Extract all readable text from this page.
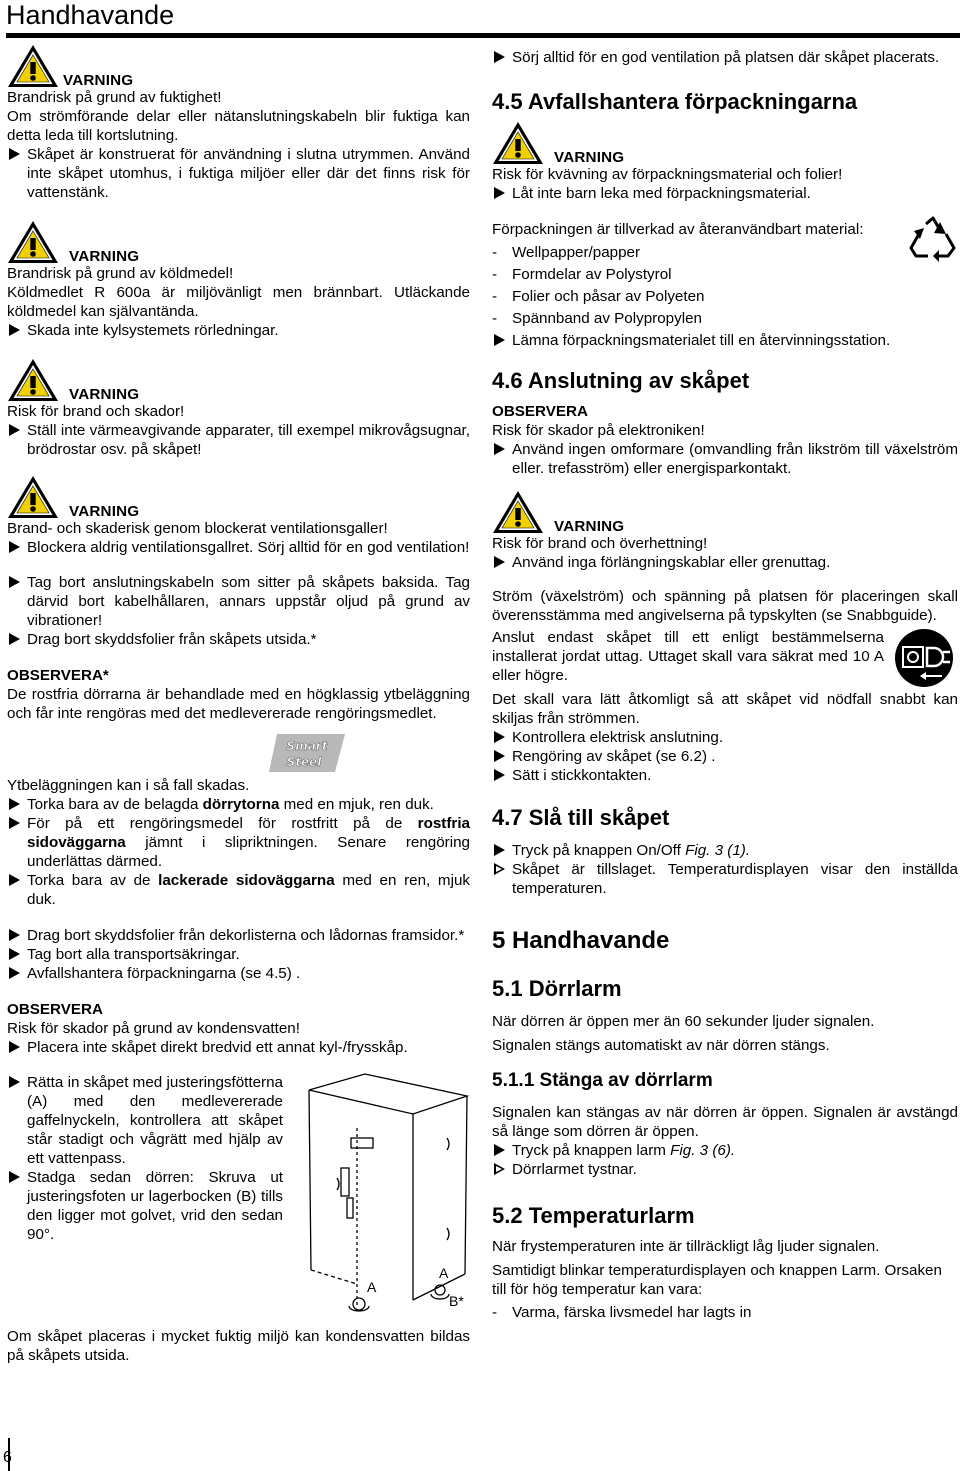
Handhavande
VARNING

Brandrisk på grund av fuktighet!

Om strömförande delar eller nätanslutningskabeln blir fuktiga kan detta leda till kortslutning.

Skåpet är konstruerat för användning i slutna utrymmen. Använd inte skåpet utomhus, i fuktiga miljöer eller där det finns risk för vattenstänk.

VARNING

Brandrisk på grund av köldmedel!

Köldmedlet R 600a är miljövänligt men brännbart. Utläckande köldmedel kan självantända.

Skada inte kylsystemets rörledningar.

VARNING

Risk för brand och skador!

Ställ inte värmeavgivande apparater, till exempel mikrovågsugnar, brödrostar osv. på skåpet!

VARNING

Brand- och skaderisk genom blockerat ventilationsgaller!

Blockera aldrig ventilationsgallret. Sörj alltid för en god ventilation!

Tag bort anslutningskabeln som sitter på skåpets baksida. Tag därvid bort kabelhållaren, annars uppstår oljud på grund av vibrationer!

Drag bort skyddsfolier från skåpets utsida.*

OBSERVERA*

De rostfria dörrarna är behandlade med en högklassig ytbeläggning och får inte rengöras med det medlevererade rengöringsmedlet.

Smart
Steel

Ytbeläggningen kan i så fall skadas.

Torka bara av de belagda dörrytorna med en mjuk, ren duk.

För på ett rengöringsmedel för rostfritt på de rostfria sidoväggarna jämnt i slipriktningen. Senare rengöring underlättas därmed.

Torka bara av de lackerade sidoväggarna med en ren, mjuk duk.

Drag bort skyddsfolier från dekorlisterna och lådornas framsidor.*

Tag bort alla transportsäkringar.

Avfallshantera förpackningarna (se 4.5) .

OBSERVERA

Risk för skador på grund av kondensvatten!

Placera inte skåpet direkt bredvid ett annat kyl-/frysskåp.

Rätta in skåpet med justeringsfötterna (A) med den medlevererade gaffelnyckeln, kontrollera att skåpet står stadigt och vågrätt med hjälp av ett vattenpass.

Stadga sedan dörren: Skruva ut justeringsfoten ur lagerbocken (B) tills den ligger mot golvet, vrid den sedan 90°.

A
A
B*

Om skåpet placeras i mycket fuktig miljö kan kondensvatten bildas på skåpets utsida.

Sörj alltid för en god ventilation på platsen där skåpet placerats.

4.5 Avfallshantera förpackningarna
VARNING

Risk för kvävning av förpackningsmaterial och folier!

Låt inte barn leka med förpackningsmaterial.

Förpackningen är tillverkad av återanvändbart material:

- Wellpapper/papper

- Formdelar av Polystyrol

- Folier och påsar av Polyeten

- Spännband av Polypropylen

Lämna förpackningsmaterialet till en återvinningsstation.

4.6 Anslutning av skåpet

OBSERVERA

Risk för skador på elektroniken!

Använd ingen omformare (omvandling från likström till växelström eller. trefasström) eller energisparkontakt.

VARNING

Risk för brand och överhettning!

Använd inga förlängningskablar eller grenuttag.

Ström (växelström) och spänning på platsen för placeringen skall överensstämma med angivelserna på typskylten (se Snabbguide).

Anslut endast skåpet till ett enligt bestämmelserna installerat jordat uttag. Uttaget skall vara säkrat med 10 A eller högre.

Det skall vara lätt åtkomligt så att skåpet vid nödfall snabbt kan skiljas från strömmen.

Kontrollera elektrisk anslutning.

Rengöring av skåpet (se 6.2) .

Sätt i stickkontakten.

4.7 Slå till skåpet

Tryck på knappen On/Off Fig. 3 (1).

Skåpet är tillslaget. Temperaturdisplayen visar den inställda temperaturen.

5 Handhavande
5.1 Dörrlarm

När dörren är öppen mer än 60 sekunder ljuder signalen.

Signalen stängs automatiskt av när dörren stängs.

5.1.1 Stänga av dörrlarm

Signalen kan stängas av när dörren är öppen. Signalen är avstängd så länge som dörren är öppen.

Tryck på knappen larm Fig. 3 (6).

Dörrlarmet tystnar.

5.2 Temperaturlarm

När frystemperaturen inte är tillräckligt låg ljuder signalen.

Samtidigt blinkar temperaturdisplayen och knappen Larm. Orsaken till för hög temperatur kan vara:

- Varma, färska livsmedel har lagts in

6
